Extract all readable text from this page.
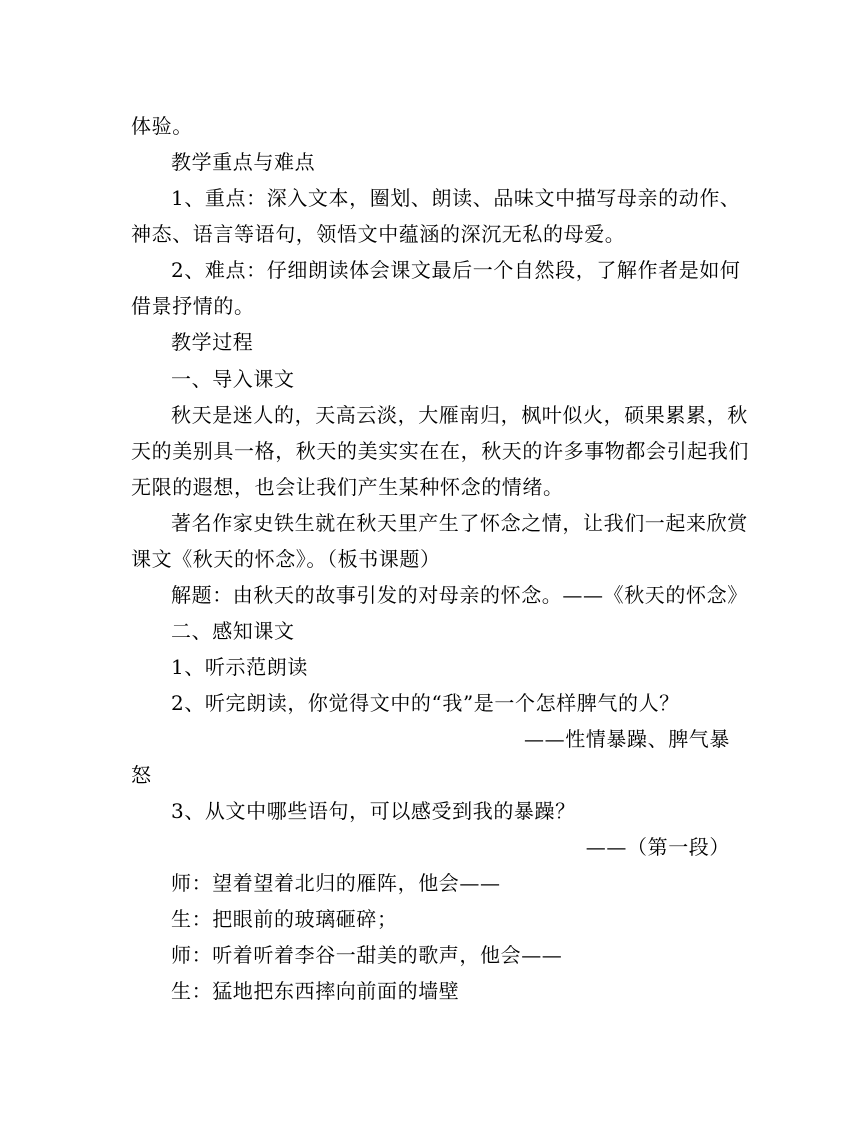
体验。
教学重点与难点
1、重点：深入文本，圈划、朗读、品味文中描写母亲的动作、
神态、语言等语句，领悟文中蕴涵的深沉无私的母爱。
2、难点：仔细朗读体会课文最后一个自然段，了解作者是如何
借景抒情的。
教学过程
一、导入课文
秋天是迷人的，天高云淡，大雁南归，枫叶似火，硕果累累，秋
天的美别具一格，秋天的美实实在在，秋天的许多事物都会引起我们
无限的遐想，也会让我们产生某种怀念的情绪。
著名作家史铁生就在秋天里产生了怀念之情，让我们一起来欣赏
课文《秋天的怀念》。（板书课题）
解题：由秋天的故事引发的对母亲的怀念。——《秋天的怀念》
二、感知课文
1、听示范朗读
2、听完朗读，你觉得文中的“我”是一个怎样脾气的人？
——性情暴躁、脾气暴
怒
3、从文中哪些语句，可以感受到我的暴躁？
——（第一段）
师：望着望着北归的雁阵，他会——
生：把眼前的玻璃砸碎；
师：听着听着李谷一甜美的歌声，他会——
生：猛地把东西摔向前面的墙壁
